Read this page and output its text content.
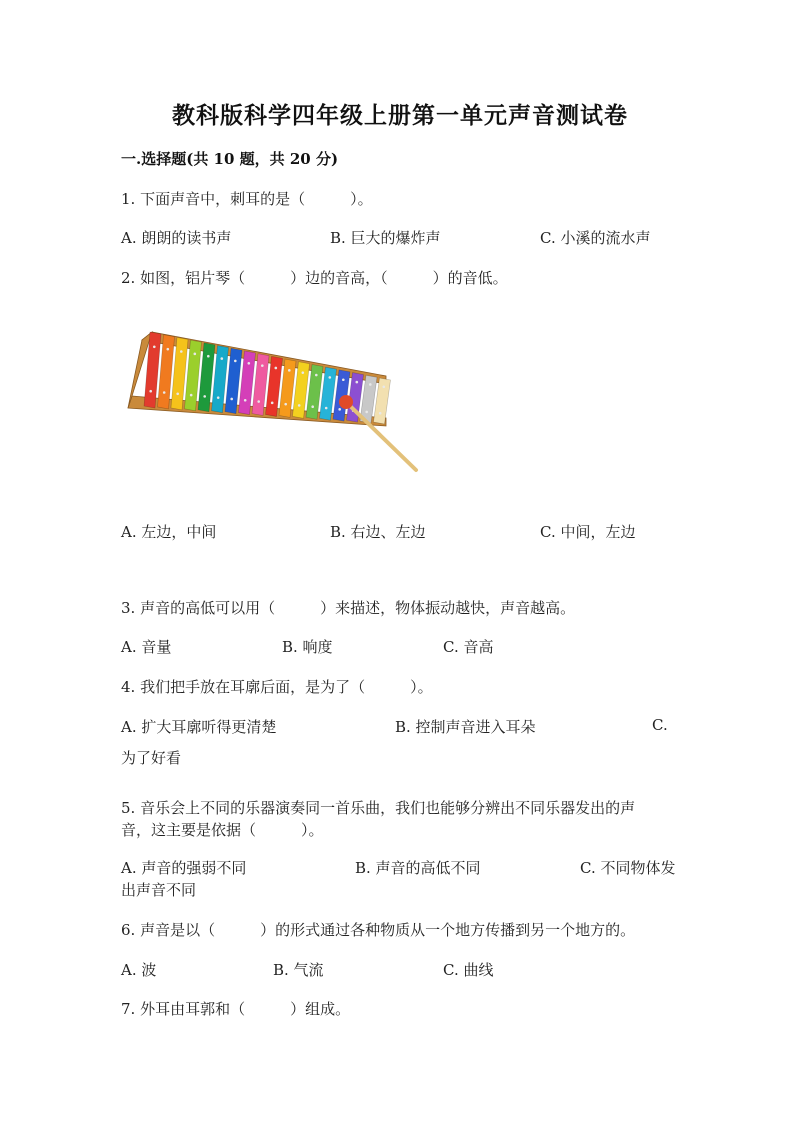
教科版科学四年级上册第一单元声音测试卷
一.选择题(共 10 题，共 20 分)
1. 下面声音中，刺耳的是（　　　）。
A. 朗朗的读书声	B. 巨大的爆炸声	C. 小溪的流水声
2. 如图，铝片琴（　　　）边的音高，（　　　）的音低。
A. 左边，中间	B. 右边、左边	C. 中间，左边
3. 声音的高低可以用（　　　）来描述，物体振动越快，声音越高。
A. 音量	B. 响度	C. 音高
4. 我们把手放在耳廓后面，是为了（　　　）。
A. 扩大耳廓听得更清楚	B. 控制声音进入耳朵	C.
为了好看
5. 音乐会上不同的乐器演奏同一首乐曲，我们也能够分辨出不同乐器发出的声
音，这主要是依据（　　　）。
A. 声音的强弱不同	B. 声音的高低不同	C. 不同物体发
出声音不同
6. 声音是以（　　　）的形式通过各种物质从一个地方传播到另一个地方的。
A. 波	B. 气流	C. 曲线
7. 外耳由耳郭和（　　　）组成。
